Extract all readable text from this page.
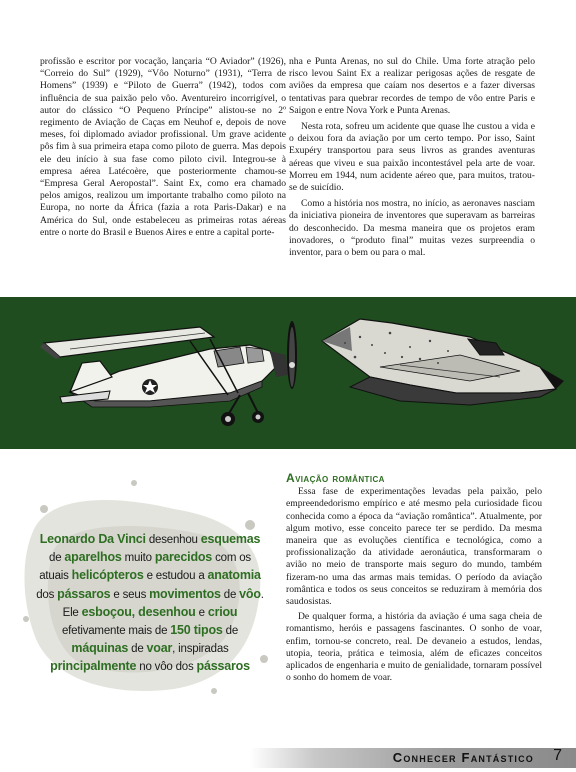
profissão e escritor por vocação, lançaria “O Aviador” (1926), “Correio do Sul” (1929), “Vôo Noturno” (1931), “Terra de Homens” (1939) e “Piloto de Guerra” (1942), todos com influência de sua paixão pelo vôo. Aventureiro incorrigível, o autor do clássico “O Pequeno Príncipe” alistou-se no 2º regimento de Aviação de Caças em Neuhof e, depois de nove meses, foi diplomado aviador profissional. Um grave acidente pôs fim à sua primeira etapa como piloto de guerra. Mas depois ele deu início à sua fase como piloto civil. Integrou-se à empresa aérea Latécoère, que posteriormente chamou-se “Empresa Geral Aeropostal”. Saint Ex, como era chamado pelos amigos, realizou um importante trabalho como piloto na Europa, no norte da África (fazia a rota Paris-Dakar) e na América do Sul, onde estabeleceu as primeiras rotas aéreas entre o norte do Brasil e Buenos Aires e entre a capital porte-

nha e Punta Arenas, no sul do Chile. Uma forte atração pelo risco levou Saint Ex a realizar perigosas ações de resgate de aviões da empresa que caíam nos desertos e a fazer diversas tentativas para quebrar recordes de tempo de vôo entre Paris e Saigon e entre Nova York e Punta Arenas.

Nesta rota, sofreu um acidente que quase lhe custou a vida e o deixou fora da aviação por um certo tempo. Por isso, Saint Exupéry transportou para seus livros as grandes aventuras aéreas que viveu e sua paixão incontestável pela arte de voar. Morreu em 1944, num acidente aéreo que, para muitos, tratou-se de suicídio.

Como a história nos mostra, no início, as aeronaves nasciam da iniciativa pioneira de inventores que superavam as barreiras do desconhecido. Da mesma maneira que os projetos eram inovadores, o “produto final” muitas vezes surpreendia o inventor, para o bem ou para o mal.

Leonardo Da Vinci desenhou esquemas de aparelhos muito parecidos com os atuais helicópteros e estudou a anatomia dos pássaros e seus movimentos de vôo. Ele esboçou, desenhou e criou efetivamente mais de 150 tipos de máquinas de voar, inspiradas principalmente no vôo dos pássaros
Aviação romântica

Essa fase de experimentações levadas pela paixão, pelo empreendedorismo empírico e até mesmo pela curiosidade ficou conhecida como a época da “aviação romântica”. Atualmente, por algum motivo, esse conceito parece ter se perdido. Da mesma maneira que as evoluções científica e tecnológica, como a profissionalização da atividade aeronáutica, transformaram o avião no meio de transporte mais seguro do mundo, também fizeram-no uma das armas mais temidas. O período da aviação romântica e todos os seus conceitos se reduziram à memória dos saudosistas.

De qualquer forma, a história da aviação é uma saga cheia de romantismo, heróis e passagens fascinantes. O sonho de voar, enfim, tornou-se concreto, real. De devaneio a estudos, lendas, utopia, teoria, prática e teimosia, além de eficazes conceitos aplicados de engenharia e muito de genialidade, tornaram possível o sonho do homem de voar.

Conhecer Fantástico 7
